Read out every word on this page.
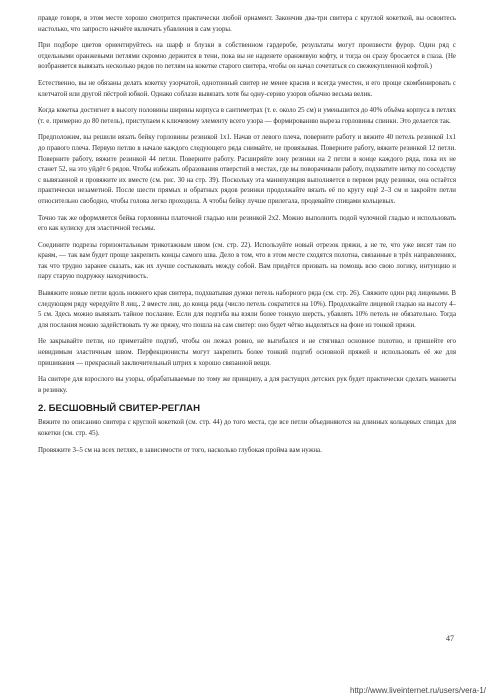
правде говоря, в этом месте хорошо смотрится практически любой орнамент. Закончив два-три свитера с круглой кокеткой, вы освоитесь настолько, что запросто начнёте включать убавления в сам узоры.

При подборе цветов ориентируйтесь на шарф и блузки в собственном гардеробе, результаты могут произвести фурор. Один ряд с отдельными оранжевыми петлями скромно держится в тени, пока вы не наденете оранжевую кофту, и тогда он сразу бросается в глаза. (Не возбраняется вывязать несколько рядов по петлям на кокетке старого свитера, чтобы он начал сочетаться со свежекупленной кофтой.)

Естественно, вы не обязаны делать кокетку узорчатой, однотонный свитер не менее красив и всегда уместен, и его проще скомбинировать с клетчатой или другой пёстрой юбкой. Однако соблазн вывязать хотя бы одну-серию узоров обычно весьма велик.

Когда кокетка достигнет в высоту половины ширины корпуса в сантиметрах (т. е. около 25 см) и уменьшится до 40% объёма корпуса в петлях (т. е. примерно до 80 петель), приступаем к ключевому элементу всего узора — формированию выреза горловины спинки. Это делается так.

Предположим, вы решили вязать бейку горловины резинкой 1х1. Начав от левого плеча, поверните работу и вяжите 40 петель резинкой 1х1 до правого плеча. Первую петлю в начале каждого следующего ряда снимайте, не провязывая. Поверните работу, вяжите резинкой 12 петли. Поверните работу, вяжите резинкой 44 петли. Поверните работу. Расширяйте зону резинки на 2 петли в конце каждого ряда, пока их не станет 52, на это уйдёт 6 рядов. Чтобы избежать образования отверстий в местах, где вы поворачивали работу, подхватите нитку по соседству с вывязанной и провяжите их вместе (см. рис. 30 на стр. 39). Поскольку эта манипуляция выполняется в первом ряду резинки, она остаётся практически незаметной. После шести прямых и обратных рядов резинки продолжайте вязать её по кругу ещё 2–3 см и закройте петли относительно свободно, чтобы голова легко проходила. А чтобы бейку лучше прилегала, продевайте спицами кольцевых.

Точно так же оформляется бейка горловины платочной гладью или резинкой 2х2. Можно выполнить подой чулочной гладью и использовать его как кулиску для эластичной тесьмы.

Соедините подрезы горизонтальным трикотажным швом (см. стр. 22). Используйте новый отрезок пряжи, а не те, что уже висят там по краям, — так вам будет проще закрепить концы самого шва. Дело в том, что в этом месте сходятся полотна, связанные в трёх направлениях, так что трудно заранее сказать, как их лучше состыковать между собой. Вам придётся призвать на помощь всю свою логику, интуицию и пару старую подружку находчивость.

Вывяжите новые петли вдоль нижнего края свитера, подхватывая дужки петель наборного ряда (см. стр. 26). Свяжите один ряд лицевыми. В следующем ряду чередуйте 8 лиц., 2 вместе лиц. до конца ряда (число петель сократится на 10%). Продолжайте лицевой гладью на высоту 4–5 см. Здесь можно вывязать тайное послание. Если для подгиба вы взяли более тонкую шерсть, убавлять 10% петель не обязательно. Тогда для послания можно задействовать ту же пряжу, что пошла на сам свитер: оно будет чётко выделяться на фоне из тонкой пряжи.

Не закрывайте петли, но приметайте подгиб, чтобы он лежал ровно, не выгибался и не стягивал основное полотно, и пришейте его невидимым эластичным швом. Перфекционисты могут закрепить более тонкий подгиб основной пряжей и использовать её же для пришивания — прекрасный заключительный штрих к хорошо связанной вещи.

На свитере для взрослого вы узоры, обрабатываемые по тому же принципу, а для растущих детских рук будет практически сделать манжеты в резинку.

2. БЕСШОВНЫЙ СВИТЕР-РЕГЛАН

Вяжите по описанию свитера с круглой кокеткой (см. стр. 44) до того места, где все петли объединяются на длинных кольцевых спицах для кокетки (см. стр. 45).

Провяжите 3–5 см на всех петлях, в зависимости от того, насколько глубокая пройма вам нужна.

47
http://www.liveinternet.ru/users/vera-1/
